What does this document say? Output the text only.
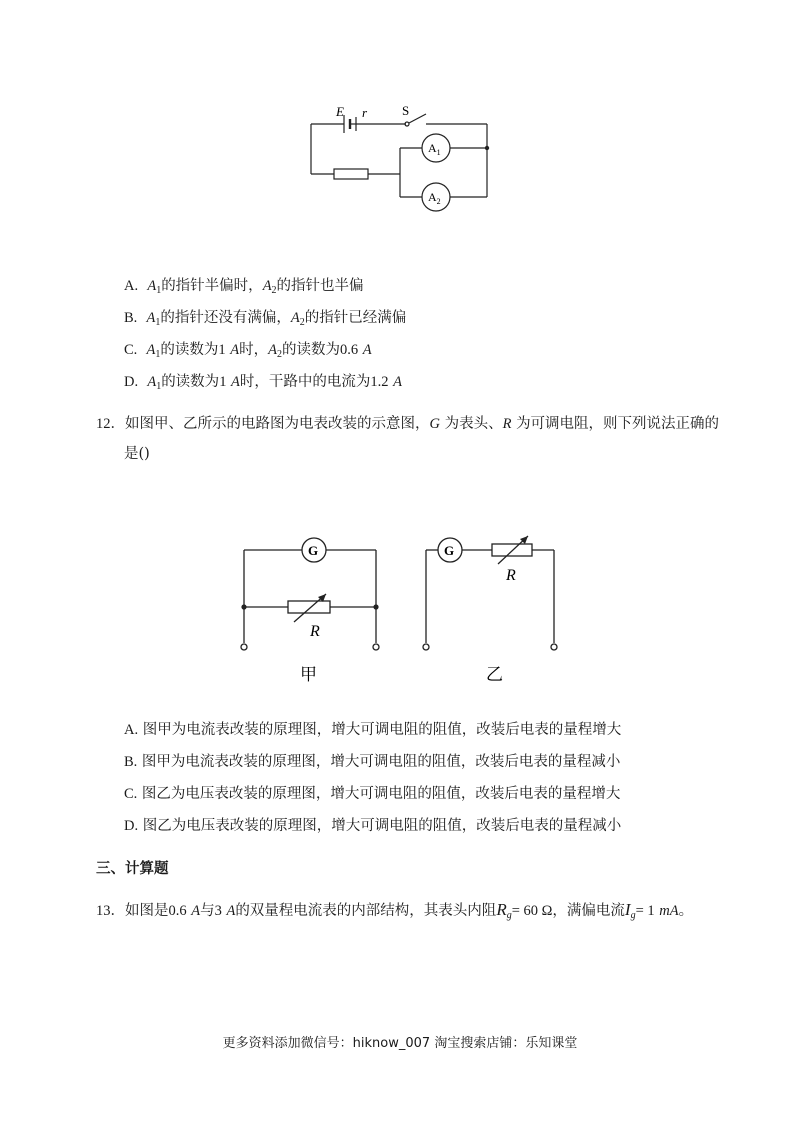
E r	S
$A_1$
$A_2$
A. $A_1$的指针半偏时，$A_2$的指针也半偏
B. $A_1$的指针还没有满偏，$A_2$的指针已经满偏
C. $A_1$的读数为1 A时，$A_2$的读数为0.6 A
D. $A_1$的读数为1 A时，干路中的电流为1.2 A
12．如图甲、乙所示的电路图为电表改装的示意图，G 为表头、R 为可调电阻，则下列说法正确的
是()
G	G
R
R
甲	乙
A. 图甲为电流表改装的原理图，增大可调电阻的阻值，改装后电表的量程增大
B. 图甲为电流表改装的原理图，增大可调电阻的阻值，改装后电表的量程减小
C. 图乙为电压表改装的原理图，增大可调电阻的阻值，改装后电表的量程增大
D. 图乙为电压表改装的原理图，增大可调电阻的阻值，改装后电表的量程减小
三、计算题
13．如图是0.6 A与3 A的双量程电流表的内部结构，其表头内阻$R_g= 60$ Ω，满偏电流$I_g= 1$ mA。
更多资料添加微信号：hiknow_007 淘宝搜索店铺：乐知课堂
